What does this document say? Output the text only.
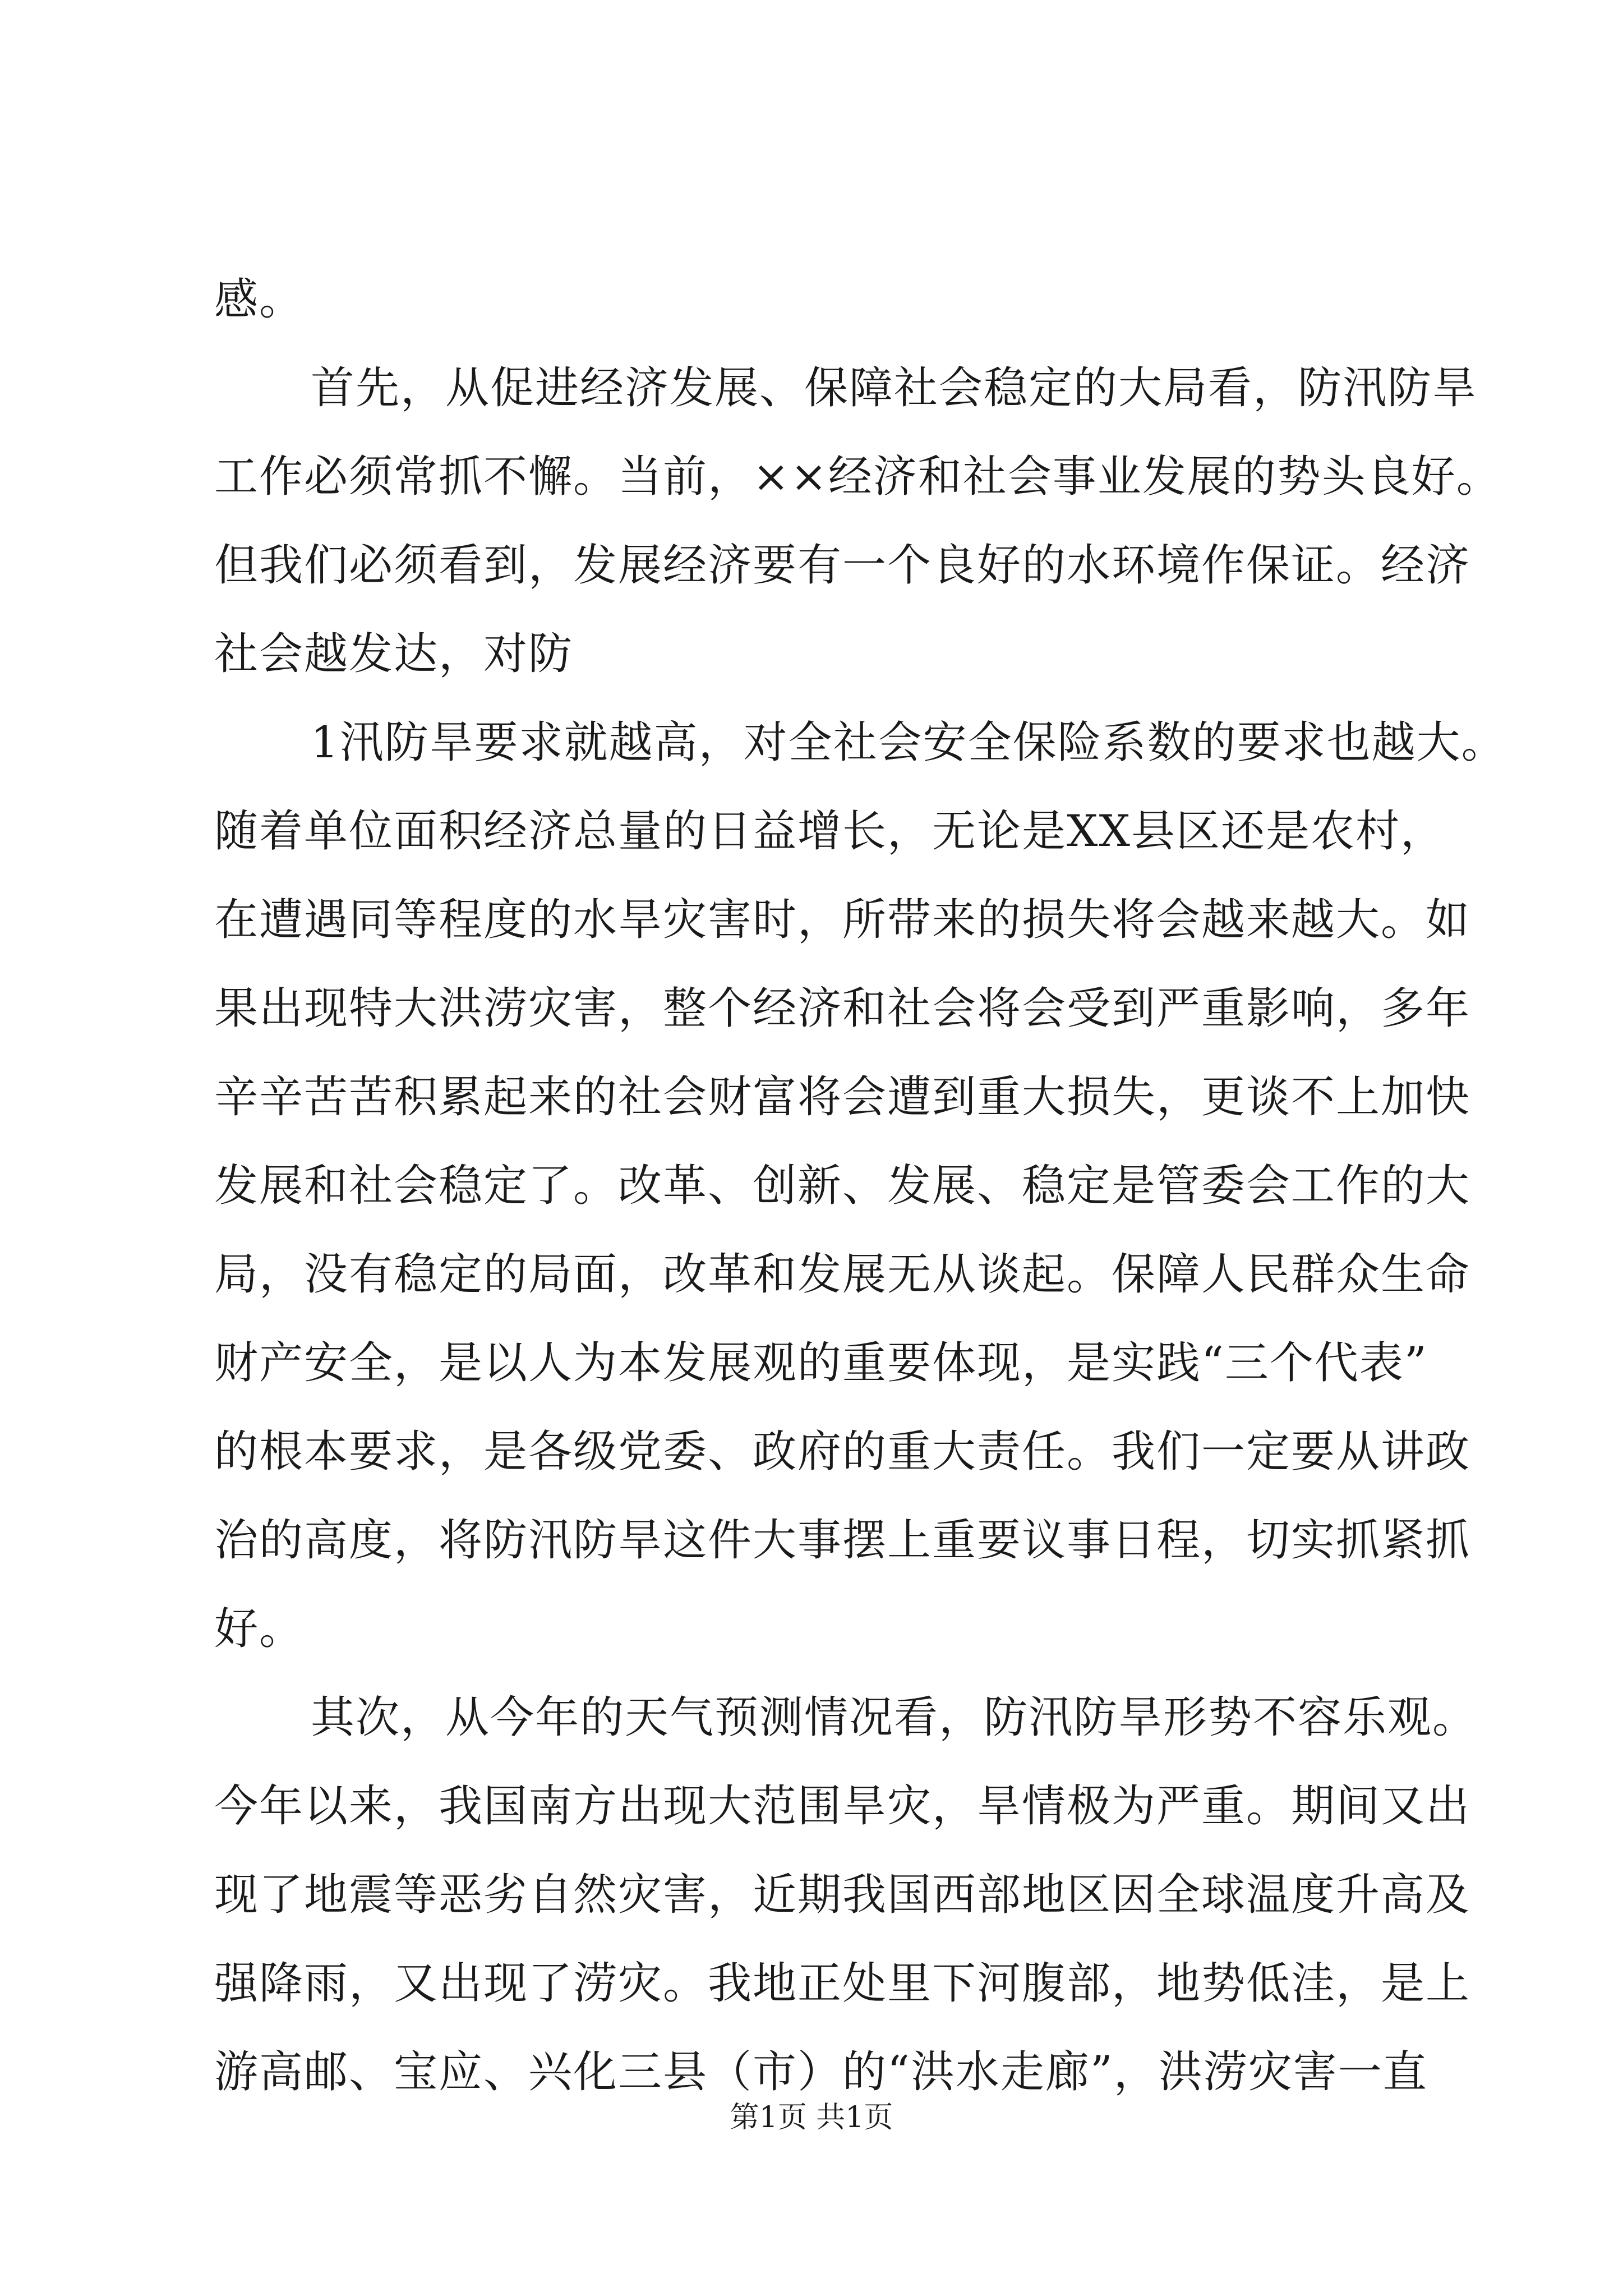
感。
首先，从促进经济发展、保障社会稳定的大局看，防汛防旱
工作必须常抓不懈。当前，××经济和社会事业发展的势头良好。
但我们必须看到，发展经济要有一个良好的水环境作保证。经济
社会越发达，对防
1汛防旱要求就越高，对全社会安全保险系数的要求也越大。
随着单位面积经济总量的日益增长，无论是XX县区还是农村，
在遭遇同等程度的水旱灾害时，所带来的损失将会越来越大。如
果出现特大洪涝灾害，整个经济和社会将会受到严重影响，多年
辛辛苦苦积累起来的社会财富将会遭到重大损失，更谈不上加快
发展和社会稳定了。改革、创新、发展、稳定是管委会工作的大
局，没有稳定的局面，改革和发展无从谈起。保障人民群众生命
财产安全，是以人为本发展观的重要体现，是实践“三个代表”
的根本要求，是各级党委、政府的重大责任。我们一定要从讲政
治的高度，将防汛防旱这件大事摆上重要议事日程，切实抓紧抓
好。
其次，从今年的天气预测情况看，防汛防旱形势不容乐观。
今年以来，我国南方出现大范围旱灾，旱情极为严重。期间又出
现了地震等恶劣自然灾害，近期我国西部地区因全球温度升高及
强降雨，又出现了涝灾。我地正处里下河腹部，地势低洼，是上
游高邮、宝应、兴化三县（市）的“洪水走廊”，洪涝灾害一直
第1页 共1页
